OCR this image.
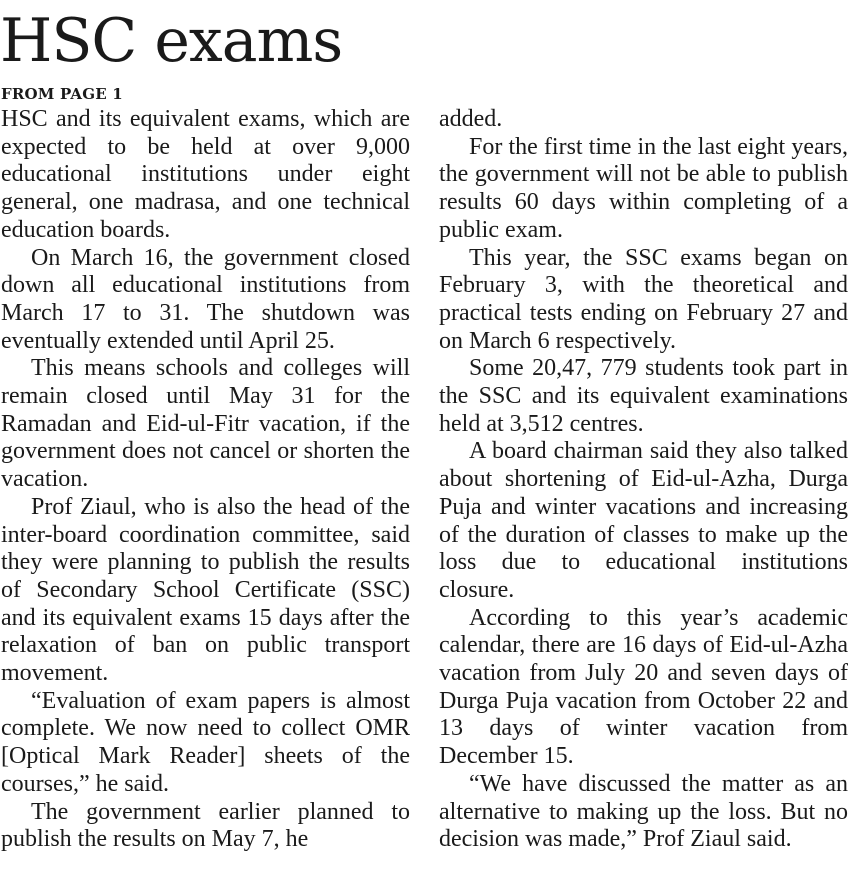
HSC exams
FROM PAGE 1

HSC and its equivalent exams, which are expected to be held at over 9,000 educational institutions under eight general, one madrasa, and one technical education boards.

On March 16, the government closed down all educational institutions from March 17 to 31. The shutdown was eventually extended until April 25.

This means schools and colleges will remain closed until May 31 for the Ramadan and Eid-ul-Fitr vacation, if the government does not cancel or shorten the vacation.

Prof Ziaul, who is also the head of the inter-board coordination committee, said they were planning to publish the results of Secondary School Certificate (SSC) and its equivalent exams 15 days after the relaxation of ban on public transport movement.

“Evaluation of exam papers is almost complete. We now need to collect OMR [Optical Mark Reader] sheets of the courses,” he said.

The government earlier planned to publish the results on May 7, he

added.

For the first time in the last eight years, the government will not be able to publish results 60 days within completing of a public exam.

This year, the SSC exams began on February 3, with the theoretical and practical tests ending on February 27 and on March 6 respectively.

Some 20,47, 779 students took part in the SSC and its equivalent examinations held at 3,512 centres.

A board chairman said they also talked about shortening of Eid-ul-Azha, Durga Puja and winter vacations and increasing of the duration of classes to make up the loss due to educational institutions closure.

According to this year’s academic calendar, there are 16 days of Eid-ul-Azha vacation from July 20 and seven days of Durga Puja vacation from October 22 and 13 days of winter vacation from December 15.

“We have discussed the matter as an alternative to making up the loss. But no decision was made,” Prof Ziaul said.
